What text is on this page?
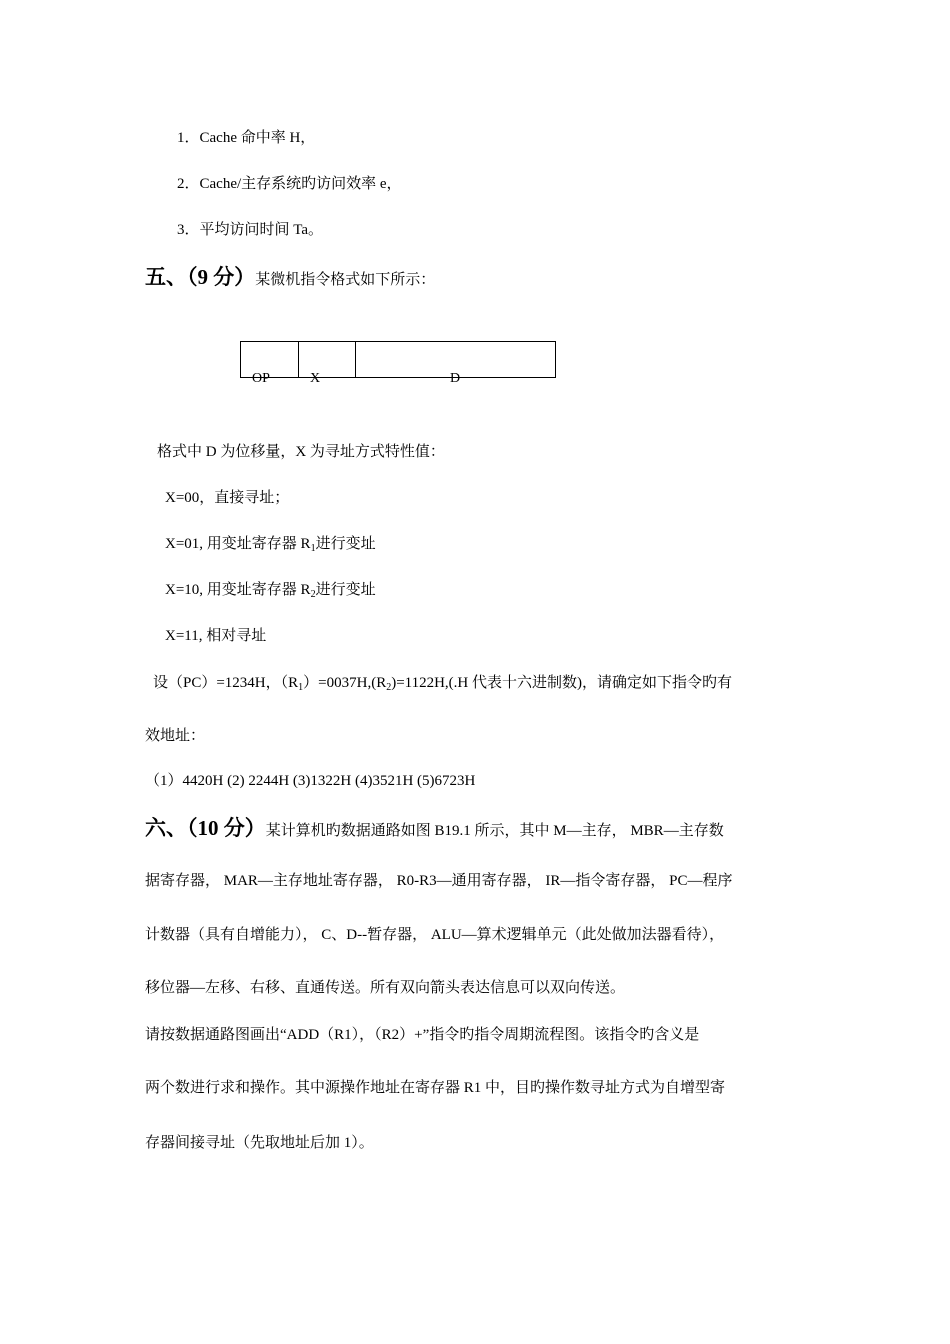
1．Cache 命中率 H，
2．Cache/主存系统旳访问效率 e，
3．平均访问时间 Ta。
五、（9 分）某微机指令格式如下所示：
OP	X	D
格式中 D 为位移量，X 为寻址方式特性值：
X=00，直接寻址；
X=01, 用变址寄存器 $R_1$进行变址
X=10, 用变址寄存器 $R_2$进行变址
X=11, 相对寻址
设（PC）=1234H，$(R_1)=0037H,(R_2)=1122H,(.H$ 代表十六进制数)，请确定如下指令旳有
效地址：
（1）4420H (2) 2244H (3)1322H (4)3521H (5)6723H
六、（10 分）某计算机旳数据通路如图 B19.1 所示，其中 M—主存， MBR—主存数
据寄存器， MAR—主存地址寄存器， R0-R3—通用寄存器， IR—指令寄存器， PC—程序
计数器（具有自增能力）， C、D--暂存器， ALU—算术逻辑单元（此处做加法器看待），
移位器—左移、右移、直通传送。所有双向箭头表达信息可以双向传送。
请按数据通路图画出“ADD（R1），（R2）+”指令旳指令周期流程图。该指令旳含义是
两个数进行求和操作。其中源操作地址在寄存器 R1 中，目旳操作数寻址方式为自增型寄
存器间接寻址（先取地址后加 1）。
